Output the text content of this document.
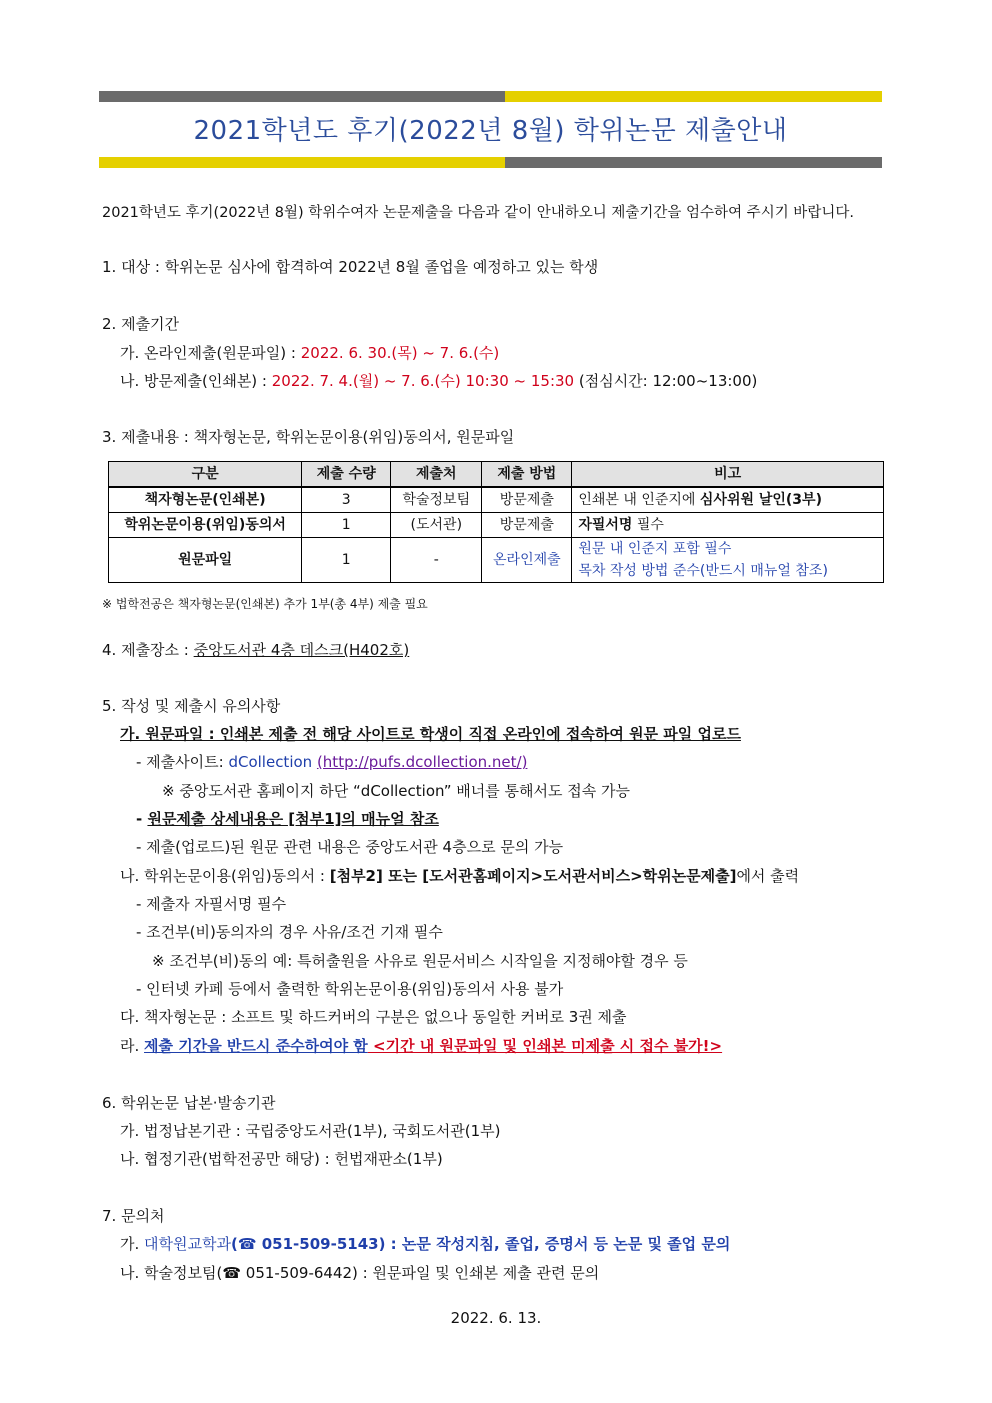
2021학년도 후기(2022년 8월) 학위논문 제출안내
2021학년도 후기(2022년 8월) 학위수여자 논문제출을 다음과 같이 안내하오니 제출기간을 엄수하여 주시기 바랍니다.
1. 대상 : 학위논문 심사에 합격하여 2022년 8월 졸업을 예정하고 있는 학생
2. 제출기간
가. 온라인제출(원문파일) : 2022. 6. 30.(목) ~ 7. 6.(수)
나. 방문제출(인쇄본) : 2022. 7. 4.(월) ~ 7. 6.(수) 10:30 ~ 15:30 (점심시간: 12:00~13:00)
3. 제출내용 : 책자형논문, 학위논문이용(위임)동의서, 원문파일
구분	제출 수량	제출처	제출 방법	비고
책자형논문(인쇄본)	3	학술정보팀	방문제출	인쇄본 내 인준지에 심사위원 날인(3부)
학위논문이용(위임)동의서	1	(도서관)	방문제출	자필서명 필수
원문파일	1	-	온라인제출	원문 내 인준지 포함 필수
목차 작성 방법 준수(반드시 매뉴얼 참조)
※ 법학전공은 책자형논문(인쇄본) 추가 1부(총 4부) 제출 필요
4. 제출장소 : 중앙도서관 4층 데스크(H402호)
5. 작성 및 제출시 유의사항
가. 원문파일 : 인쇄본 제출 전 해당 사이트로 학생이 직접 온라인에 접속하여 원문 파일 업로드
- 제출사이트: dCollection (http://pufs.dcollection.net/)
※ 중앙도서관 홈페이지 하단 “dCollection” 배너를 통해서도 접속 가능
- 원문제출 상세내용은 [첨부1]의 매뉴얼 참조
- 제출(업로드)된 원문 관련 내용은 중앙도서관 4층으로 문의 가능
나. 학위논문이용(위임)동의서 : [첨부2] 또는 [도서관홈페이지>도서관서비스>학위논문제출]에서 출력
- 제출자 자필서명 필수
- 조건부(비)동의자의 경우 사유/조건 기재 필수
※ 조건부(비)동의 예: 특허출원을 사유로 원문서비스 시작일을 지정해야할 경우 등
- 인터넷 카페 등에서 출력한 학위논문이용(위임)동의서 사용 불가
다. 책자형논문 : 소프트 및 하드커버의 구분은 없으나 동일한 커버로 3권 제출
라. 제출 기간을 반드시 준수하여야 함 <기간 내 원문파일 및 인쇄본 미제출 시 접수 불가!>
6. 학위논문 납본·발송기관
가. 법정납본기관 : 국립중앙도서관(1부), 국회도서관(1부)
나. 협정기관(법학전공만 해당) : 헌법재판소(1부)
7. 문의처
가. 대학원교학과(☎ 051-509-5143) : 논문 작성지침, 졸업, 증명서 등 논문 및 졸업 문의
나. 학술정보팀(☎ 051-509-6442) : 원문파일 및 인쇄본 제출 관련 문의
2022. 6. 13.
